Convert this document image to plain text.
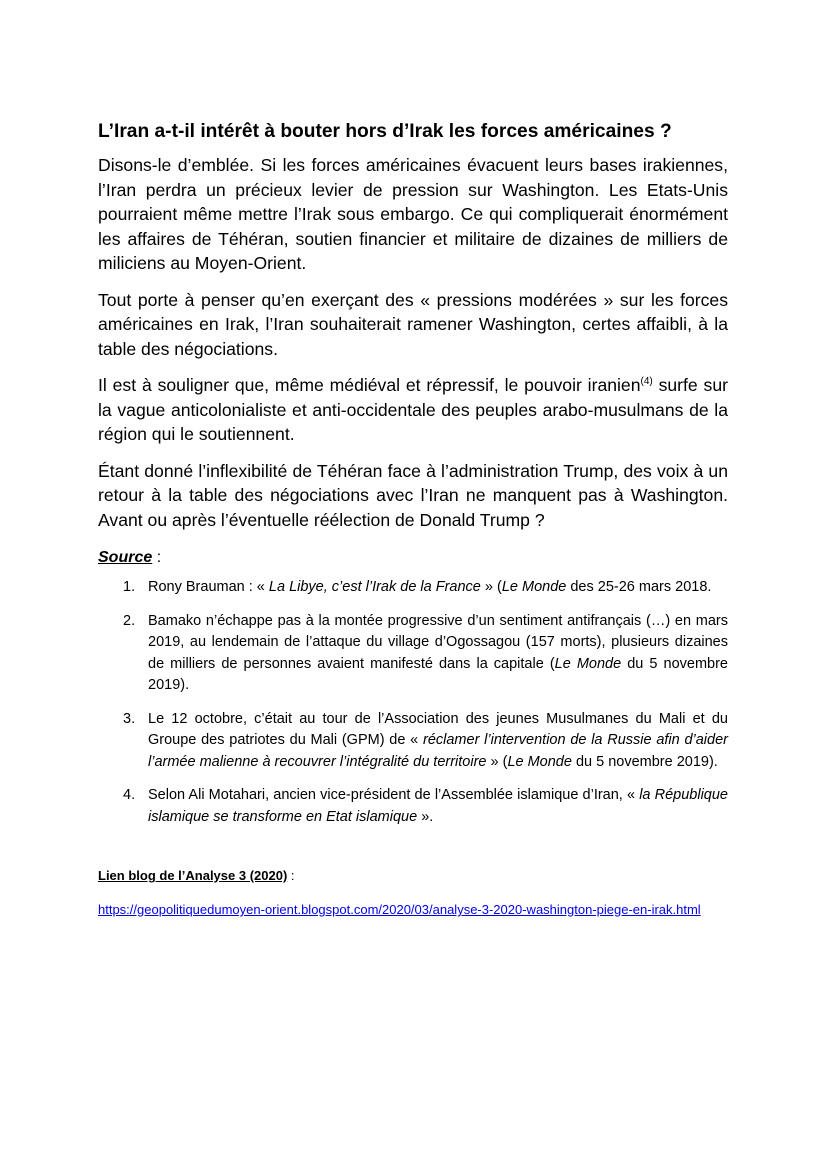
L’Iran a-t-il intérêt à bouter hors d’Irak les forces américaines ?

Disons-le d’emblée. Si les forces américaines évacuent leurs bases irakiennes, l’Iran perdra un précieux levier de pression sur Washington. Les Etats-Unis pourraient même mettre l’Irak sous embargo. Ce qui compliquerait énormément les affaires de Téhéran, soutien financier et militaire de dizaines de milliers de miliciens au Moyen-Orient.

Tout porte à penser qu’en exerçant des « pressions modérées » sur les forces américaines en Irak, l’Iran souhaiterait ramener Washington, certes affaibli, à la table des négociations.

Il est à souligner que, même médiéval et répressif, le pouvoir iranien$^{(4)}$ surfe sur la vague anticolonialiste et anti-occidentale des peuples arabo-musulmans de la région qui le soutiennent.

Étant donné l’inflexibilité de Téhéran face à l’administration Trump, des voix à un retour à la table des négociations avec l’Iran ne manquent pas à Washington. Avant ou après l’éventuelle réélection de Donald Trump ?

Source :
1. Rony Brauman : « La Libye, c’est l’Irak de la France » (Le Monde des 25-26 mars 2018.
2. Bamako n’échappe pas à la montée progressive d’un sentiment antifrançais (…) en mars 2019, au lendemain de l’attaque du village d’Ogossagou (157 morts), plusieurs dizaines de milliers de personnes avaient manifesté dans la capitale (Le Monde du 5 novembre 2019).
3. Le 12 octobre, c’était au tour de l’Association des jeunes Musulmanes du Mali et du Groupe des patriotes du Mali (GPM) de « réclamer l’intervention de la Russie afin d’aider l’armée malienne à recouvrer l’intégralité du territoire » (Le Monde du 5 novembre 2019).
4. Selon Ali Motahari, ancien vice-président de l’Assemblée islamique d’Iran, « la République islamique se transforme en Etat islamique ».
Lien blog de l’Analyse 3 (2020) :
https://geopolitiquedumoyen-orient.blogspot.com/2020/03/analyse-3-2020-washington-piege-en-irak.html
